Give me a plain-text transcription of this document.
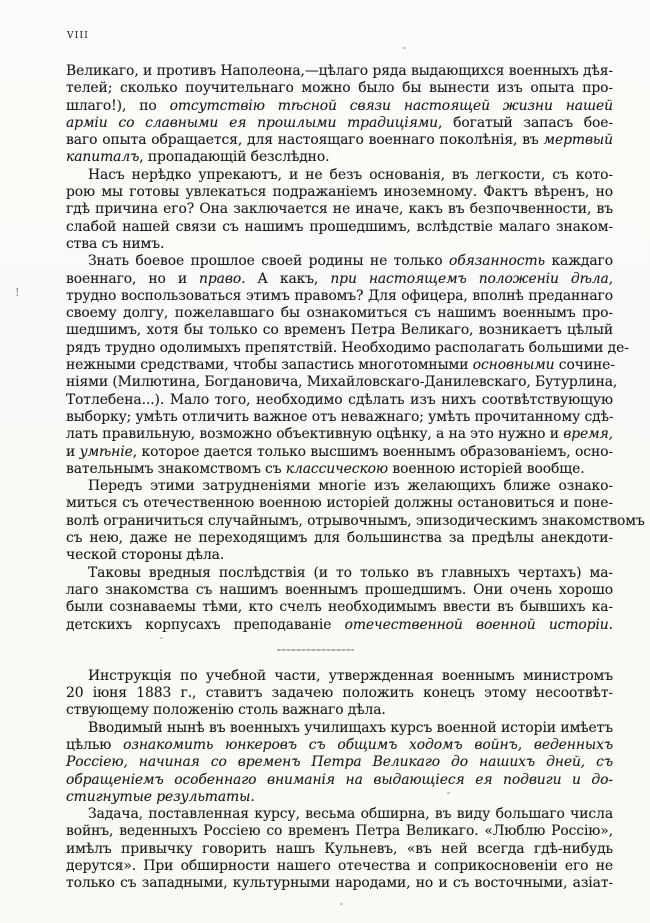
VIII
!
Великаго, и противъ Наполеона,—цѣлаго ряда выдающихся военныхъ дѣя-
телей; сколько поучительнаго можно было бы вынести изъ опыта про-
шлаго!), по отсутствію тѣсной связи настоящей жизни нашей
арміи со славными ея прошлыми традиціями, богатый запасъ бое-
ваго опыта обращается, для настоящаго военнаго поколѣнія, въ мертвый
капиталъ, пропадающій безслѣдно.
Насъ нерѣдко упрекаютъ, и не безъ основанія, въ легкости, съ кото-
рою мы готовы увлекаться подражаніемъ иноземному. Фактъ вѣренъ, но
гдѣ причина его? Она заключается не иначе, какъ въ безпочвенности, въ
слабой нашей связи съ нашимъ прошедшимъ, вслѣдствіе малаго знаком-
ства съ нимъ.
Знать боевое прошлое своей родины не только обязанность каждаго
военнаго, но и право. А какъ, при настоящемъ положеніи дѣла,
трудно воспользоваться этимъ правомъ? Для офицера, вполнѣ преданнаго
своему долгу, пожелавшаго бы ознакомиться съ нашимъ военнымъ про-
шедшимъ, хотя бы только со временъ Петра Великаго, возникаетъ цѣлый
рядъ трудно одолимыхъ препятствій. Необходимо располагать большими де-
нежными средствами, чтобы запастись многотомными основными сочине-
ніями (Милютина, Богдановича, Михайловскаго-Данилевскаго, Бутурлина,
Тотлебена...). Мало того, необходимо сдѣлать изъ нихъ соотвѣтствующую
выборку; умѣть отличить важное отъ неважнаго; умѣть прочитанному сдѣ-
лать правильную, возможно объективную оцѣнку, а на это нужно и время,
и умѣніе, которое дается только высшимъ военнымъ образованіемъ, осно-
вательнымъ знакомствомъ съ классическою военною исторіей вообще.
Передъ этими затрудненіями многіе изъ желающихъ ближе ознако-
миться съ отечественною военною исторіей должны остановиться и поне-
волѣ ограничиться случайнымъ, отрывочнымъ, эпизодическимъ знакомствомъ
съ нею, даже не переходящимъ для большинства за предѣлы анекдоти-
ческой стороны дѣла.
Таковы вредныя послѣдствія (и то только въ главныхъ чертахъ) ма-
лаго знакомства съ нашимъ военнымъ прошедшимъ. Они очень хорошо
были сознаваемы тѣми, кто счелъ необходимымъ ввести въ бывшихъ ка-
детскихъ корпусахъ преподаваніе отечественной военной исторіи.
Инструкція по учебной части, утвержденная военнымъ министромъ
20 іюня 1883 г., ставитъ задачею положить конецъ этому несоотвѣт-
ствующему положенію столь важнаго дѣла.
Вводимый нынѣ въ военныхъ училищахъ курсъ военной исторіи имѣетъ
цѣлью ознакомить юнкеровъ съ общимъ ходомъ войнъ, веденныхъ
Россіею, начиная со временъ Петра Великаго до нашихъ дней, съ
обращеніемъ особеннаго вниманія на выдающіеся ея подвиги и до-
стигнутые результаты.
Задача, поставленная курсу, весьма обширна, въ виду большаго числа
войнъ, веденныхъ Россіею со временъ Петра Великаго. «Люблю Россію»,
имѣлъ привычку говорить нашъ Кульневъ, «въ ней всегда гдѣ-нибудь
дерутся». При обширности нашего отечества и соприкосновеніи его не
только съ западными, культурными народами, но и съ восточными, азіат-
